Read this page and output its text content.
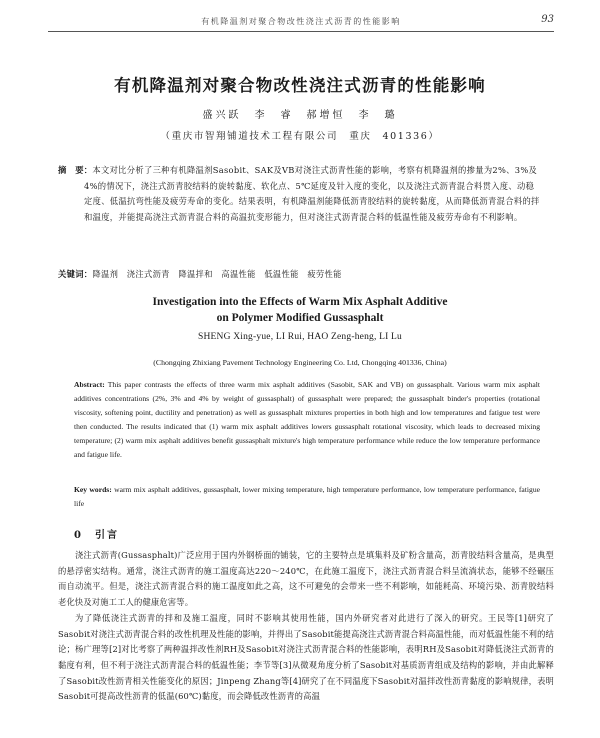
有机降温剂对聚合物改性浇注式沥青的性能影响	93
有机降温剂对聚合物改性浇注式沥青的性能影响
盛兴跃　李　睿　郝增恒　李　璐
（重庆市智翔铺道技术工程有限公司　重庆　401336）
摘　要：本文对比分析了三种有机降温剂Sasobit、SAK及VB对浇注式沥青性能的影响，考察有机降温剂的掺量为2%、3%及4%的情况下，浇注式沥青胶结料的旋转黏度、软化点、5℃延度及针入度的变化，以及浇注式沥青混合料贯入度、动稳定度、低温抗弯性能及疲劳寿命的变化。结果表明，有机降温剂能降低沥青胶结料的旋转黏度，从而降低沥青混合料的拌和温度，并能提高浇注式沥青混合料的高温抗变形能力，但对浇注式沥青混合料的低温性能及疲劳寿命有不利影响。
关键词：降温剂　浇注式沥青　降温拌和　高温性能　低温性能　疲劳性能
Investigation into the Effects of Warm Mix Asphalt Additive
on Polymer Modified Gussasphalt
SHENG Xing-yue, LI Rui, HAO Zeng-heng, LI Lu
(Chongqing Zhixiang Pavement Technology Engineering Co. Ltd, Chongqing 401336, China)
Abstract: This paper contrasts the effects of three warm mix asphalt additives (Sasobit, SAK and VB) on gussasphalt. Various warm mix asphalt additives concentrations (2%, 3% and 4% by weight of gussasphalt) of gussasphalt were prepared; the gussasphalt binder's properties (rotational viscosity, softening point, ductility and penetration) as well as gussasphalt mixtures properties in both high and low temperatures and fatigue test were then conducted. The results indicated that (1) warm mix asphalt additives lowers gussasphalt rotational viscosity, which leads to decreased mixing temperature; (2) warm mix asphalt additives benefit gussasphalt mixture's high temperature performance while reduce the low temperature performance and fatigue life.
Key words: warm mix asphalt additives, gussasphalt, lower mixing temperature, high temperature performance, low temperature performance, fatigue life
0　引言

浇注式沥青(Gussasphalt)广泛应用于国内外钢桥面的铺装，它的主要特点是填集料及矿粉含量高，沥青胶结料含量高，是典型的悬浮密实结构。通常，浇注式沥青的施工温度高达220～240℃，在此施工温度下，浇注式沥青混合料呈流淌状态，能够不经碾压而自动流平。但是，浇注式沥青混合料的施工温度如此之高，这不可避免的会带来一些不利影响，如能耗高、环境污染、沥青胶结料老化快及对施工工人的健康危害等。

为了降低浇注式沥青的拌和及施工温度，同时不影响其使用性能，国内外研究者对此进行了深入的研究。王民等[1]研究了Sasobit对浇注式沥青混合料的改性机理及性能的影响，并得出了Sasobit能提高浇注式沥青混合料高温性能，而对低温性能不利的结论；杨广理等[2]对比考察了两种温拌改性剂RH及Sasobit对浇注式沥青混合料的性能影响，表明RH及Sasobit对降低浇注式沥青的黏度有利，但不利于浇注式沥青混合料的低温性能；李节等[3]从微观角度分析了Sasobit对基质沥青组成及结构的影响，并由此解释了Sasobit改性沥青相关性能变化的原因；Jinpeng Zhang等[4]研究了在不同温度下Sasobit对温拌改性沥青黏度的影响规律，表明Sasobit可提高改性沥青的低温(60℃)黏度，而会降低改性沥青的高温
